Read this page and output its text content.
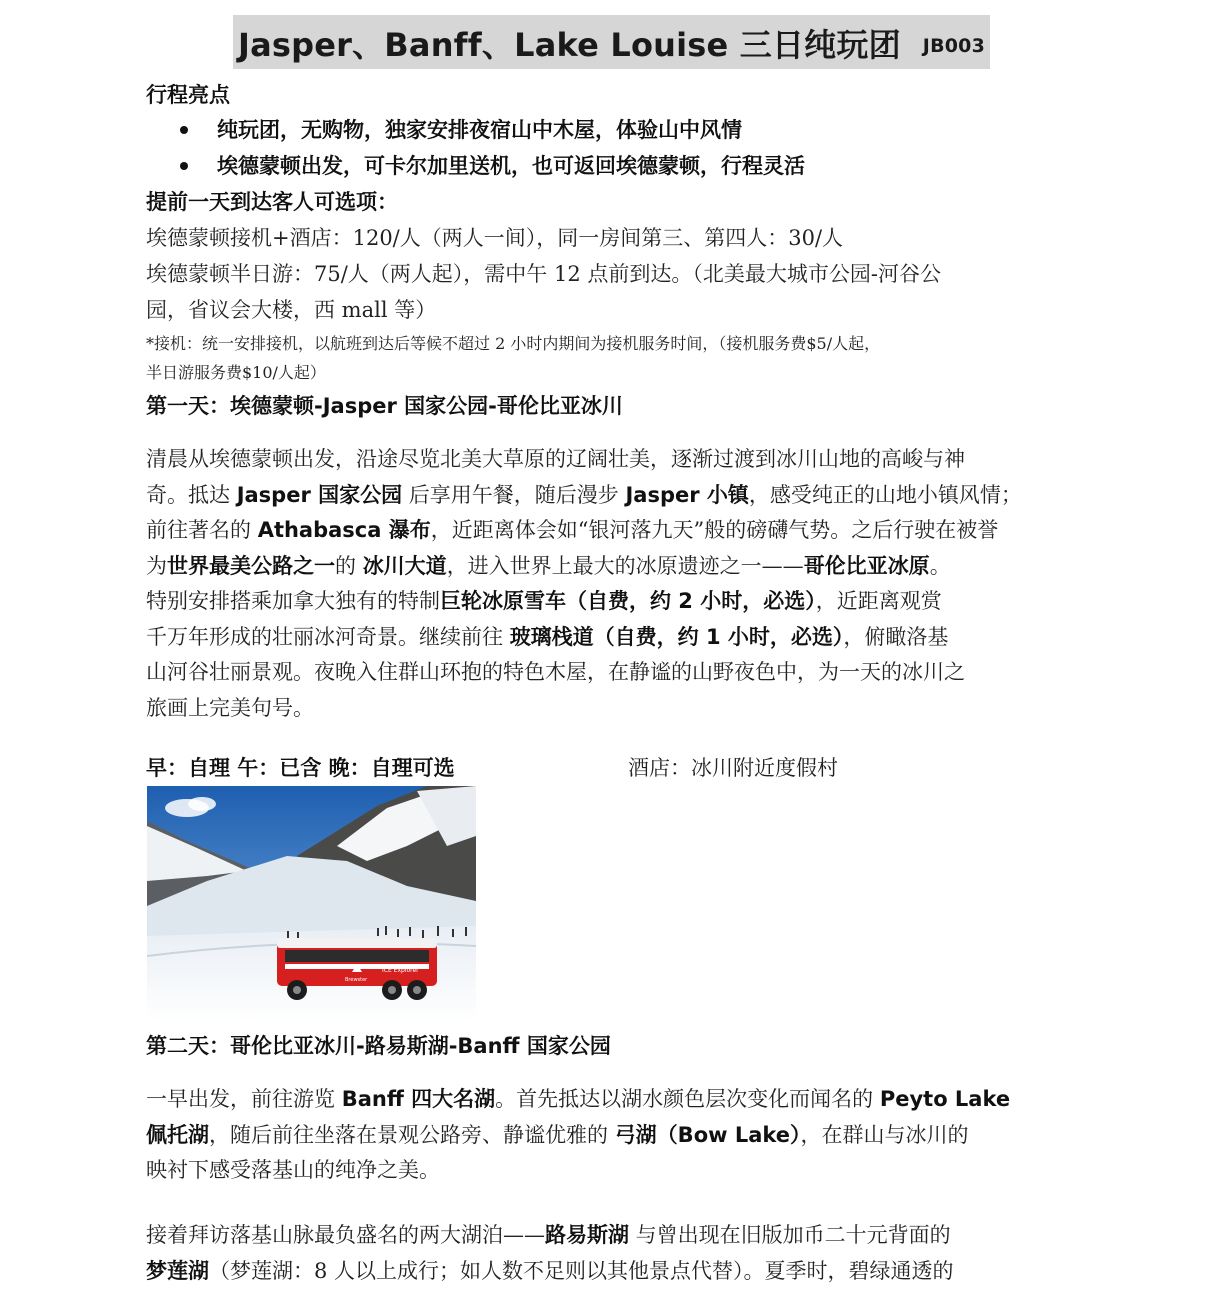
Jasper、Banff、Lake Louise 三日纯玩团 JB003
行程亮点
纯玩团，无购物，独家安排夜宿山中木屋，体验山中风情
埃德蒙顿出发，可卡尔加里送机，也可返回埃德蒙顿，行程灵活
提前一天到达客人可选项：
埃德蒙顿接机+酒店：120/人（两人一间），同一房间第三、第四人：30/人
埃德蒙顿半日游：75/人（两人起），需中午 12 点前到达。（北美最大城市公园-河谷公
园，省议会大楼，西 mall 等）
*接机：统一安排接机，以航班到达后等候不超过 2 小时内期间为接机服务时间，（接机服务费$5/人起，
半日游服务费$10/人起）
第一天：埃德蒙顿-Jasper 国家公园-哥伦比亚冰川
清晨从埃德蒙顿出发，沿途尽览北美大草原的辽阔壮美，逐渐过渡到冰川山地的高峻与神
奇。抵达 Jasper 国家公园 后享用午餐，随后漫步 Jasper 小镇，感受纯正的山地小镇风情；
前往著名的 Athabasca 瀑布，近距离体会如“银河落九天”般的磅礴气势。之后行驶在被誉
为世界最美公路之一的 冰川大道，进入世界上最大的冰原遗迹之一——哥伦比亚冰原。
特别安排搭乘加拿大独有的特制巨轮冰原雪车（自费，约 2 小时，必选），近距离观赏
千万年形成的壮丽冰河奇景。继续前往 玻璃栈道（自费，约 1 小时，必选），俯瞰洛基
山河谷壮丽景观。夜晚入住群山环抱的特色木屋，在静谧的山野夜色中，为一天的冰川之
旅画上完美句号。
早：自理 午：已含 晚：自理可选	酒店：冰川附近度假村
ICE Explorer
Brewster
第二天：哥伦比亚冰川-路易斯湖-Banff 国家公园
一早出发，前往游览 Banff 四大名湖。首先抵达以湖水颜色层次变化而闻名的 Peyto Lake
佩托湖，随后前往坐落在景观公路旁、静谧优雅的 弓湖（Bow Lake），在群山与冰川的
映衬下感受落基山的纯净之美。
接着拜访落基山脉最负盛名的两大湖泊——路易斯湖 与曾出现在旧版加币二十元背面的
梦莲湖（梦莲湖：8 人以上成行；如人数不足则以其他景点代替）。夏季时，碧绿通透的
